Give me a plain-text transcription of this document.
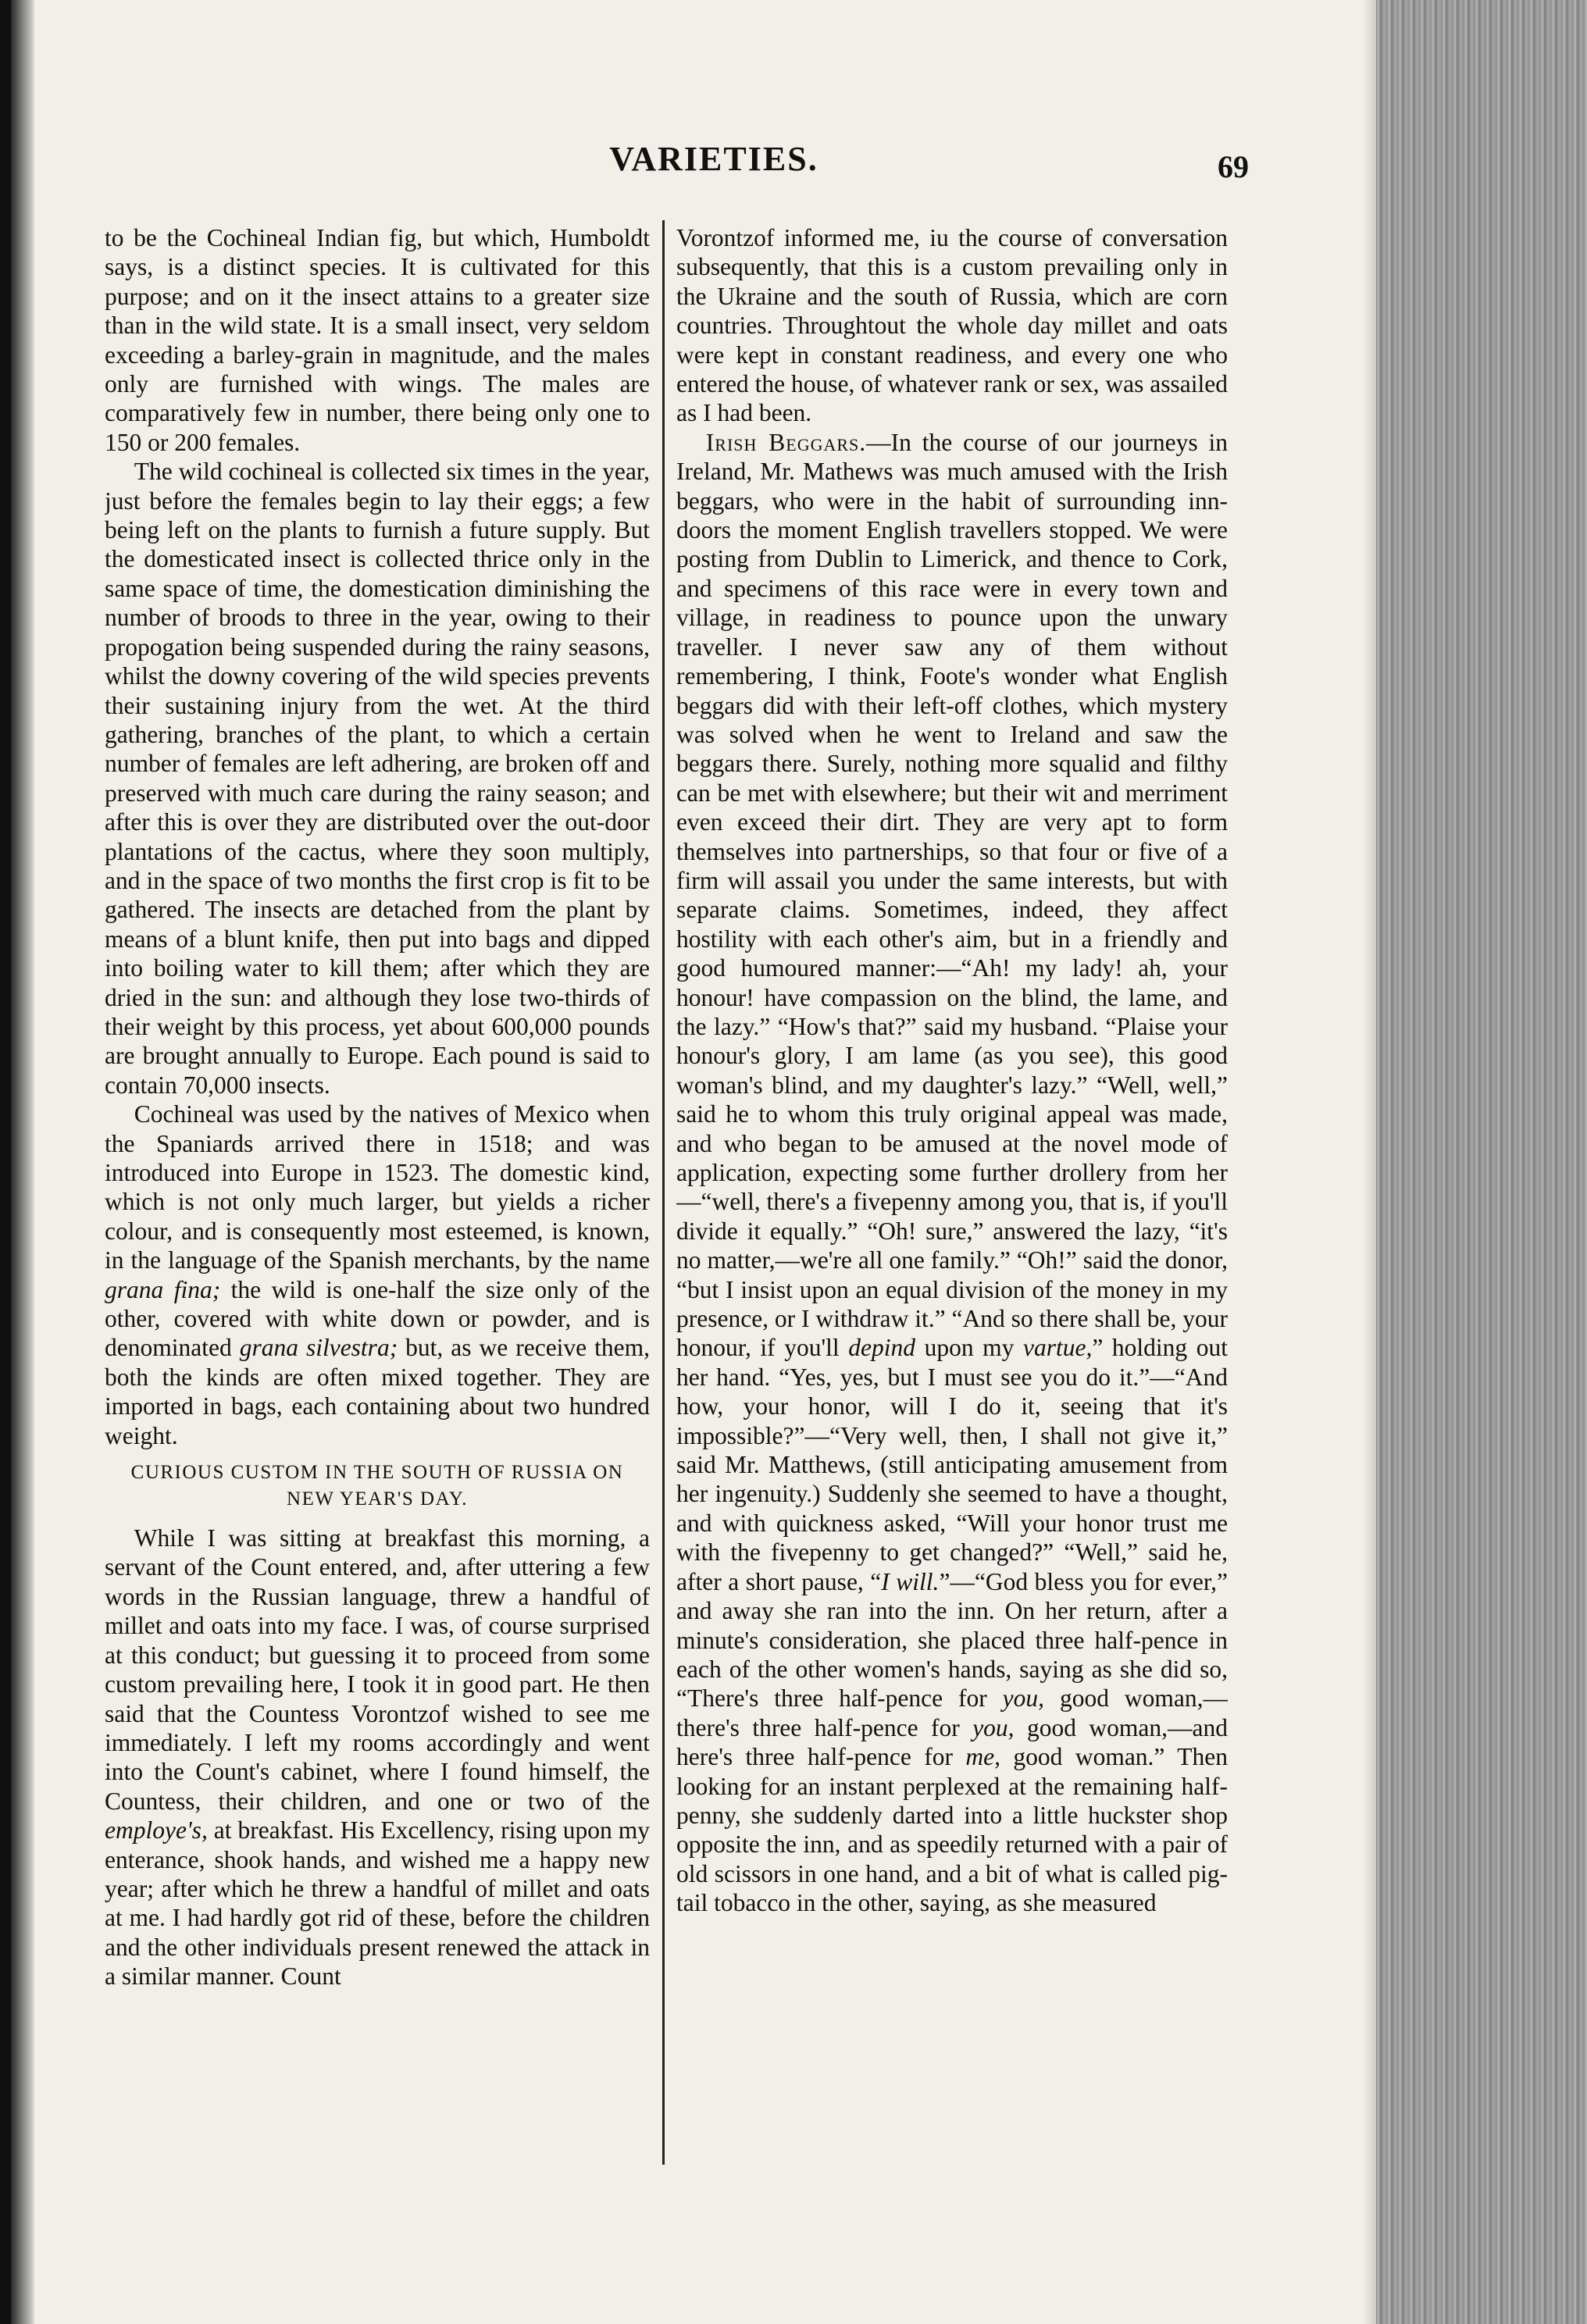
VARIETIES.	69

to be the Cochineal Indian fig, but which, Humboldt says, is a distinct species. It is cultivated for this purpose; and on it the insect attains to a greater size than in the wild state. It is a small insect, very seldom exceeding a barley-grain in magnitude, and the males only are furnished with wings. The males are comparatively few in number, there being only one to 150 or 200 females.

The wild cochineal is collected six times in the year, just before the females begin to lay their eggs; a few being left on the plants to furnish a future supply. But the domesticated insect is collected thrice only in the same space of time, the domestication diminishing the number of broods to three in the year, owing to their propogation being suspended during the rainy seasons, whilst the downy covering of the wild species prevents their sustaining injury from the wet. At the third gathering, branches of the plant, to which a certain number of females are left adhering, are broken off and preserved with much care during the rainy season; and after this is over they are distributed over the out-door plantations of the cactus, where they soon multiply, and in the space of two months the first crop is fit to be gathered. The insects are detached from the plant by means of a blunt knife, then put into bags and dipped into boiling water to kill them; after which they are dried in the sun: and although they lose two-thirds of their weight by this process, yet about 600,000 pounds are brought annually to Europe. Each pound is said to contain 70,000 insects.

Cochineal was used by the natives of Mexico when the Spaniards arrived there in 1518; and was introduced into Europe in 1523. The domestic kind, which is not only much larger, but yields a richer colour, and is consequently most esteemed, is known, in the language of the Spanish merchants, by the name grana fina; the wild is one-half the size only of the other, covered with white down or powder, and is denominated grana silvestra; but, as we receive them, both the kinds are often mixed together. They are imported in bags, each containing about two hundred weight.

CURIOUS CUSTOM IN THE SOUTH OF RUSSIA ON NEW YEAR'S DAY.

While I was sitting at breakfast this morning, a servant of the Count entered, and, after uttering a few words in the Russian language, threw a handful of millet and oats into my face. I was, of course surprised at this conduct; but guessing it to proceed from some custom prevailing here, I took it in good part. He then said that the Countess Vorontzof wished to see me immediately. I left my rooms accordingly and went into the Count's cabinet, where I found himself, the Countess, their children, and one or two of the employe's, at breakfast. His Excellency, rising upon my enterance, shook hands, and wished me a happy new year; after which he threw a handful of millet and oats at me. I had hardly got rid of these, before the children and the other individuals present renewed the attack in a similar manner. Count

Vorontzof informed me, iu the course of conversation subsequently, that this is a custom prevailing only in the Ukraine and the south of Russia, which are corn countries. Throughtout the whole day millet and oats were kept in constant readiness, and every one who entered the house, of whatever rank or sex, was assailed as I had been.

Irish Beggars.—In the course of our journeys in Ireland, Mr. Mathews was much amused with the Irish beggars, who were in the habit of surrounding inn-doors the moment English travellers stopped. We were posting from Dublin to Limerick, and thence to Cork, and specimens of this race were in every town and village, in readiness to pounce upon the unwary traveller. I never saw any of them without remembering, I think, Foote's wonder what English beggars did with their left-off clothes, which mystery was solved when he went to Ireland and saw the beggars there. Surely, nothing more squalid and filthy can be met with elsewhere; but their wit and merriment even exceed their dirt. They are very apt to form themselves into partnerships, so that four or five of a firm will assail you under the same interests, but with separate claims. Sometimes, indeed, they affect hostility with each other's aim, but in a friendly and good humoured manner:—“Ah! my lady! ah, your honour! have compassion on the blind, the lame, and the lazy.” “How's that?” said my husband. “Plaise your honour's glory, I am lame (as you see), this good woman's blind, and my daughter's lazy.” “Well, well,” said he to whom this truly original appeal was made, and who began to be amused at the novel mode of application, expecting some further drollery from her—“well, there's a fivepenny among you, that is, if you'll divide it equally.” “Oh! sure,” answered the lazy, “it's no matter,—we're all one family.” “Oh!” said the donor, “but I insist upon an equal division of the money in my presence, or I withdraw it.” “And so there shall be, your honour, if you'll depind upon my vartue,” holding out her hand. “Yes, yes, but I must see you do it.”—“And how, your honor, will I do it, seeing that it's impossible?”—“Very well, then, I shall not give it,” said Mr. Matthews, (still anticipating amusement from her ingenuity.) Suddenly she seemed to have a thought, and with quickness asked, “Will your honor trust me with the fivepenny to get changed?” “Well,” said he, after a short pause, “I will.”—“God bless you for ever,” and away she ran into the inn. On her return, after a minute's consideration, she placed three half-pence in each of the other women's hands, saying as she did so, “There's three half-pence for you, good woman,—there's three half-pence for you, good woman,—and here's three half-pence for me, good woman.” Then looking for an instant perplexed at the remaining half-penny, she suddenly darted into a little huckster shop opposite the inn, and as speedily returned with a pair of old scissors in one hand, and a bit of what is called pig-tail tobacco in the other, saying, as she measured
